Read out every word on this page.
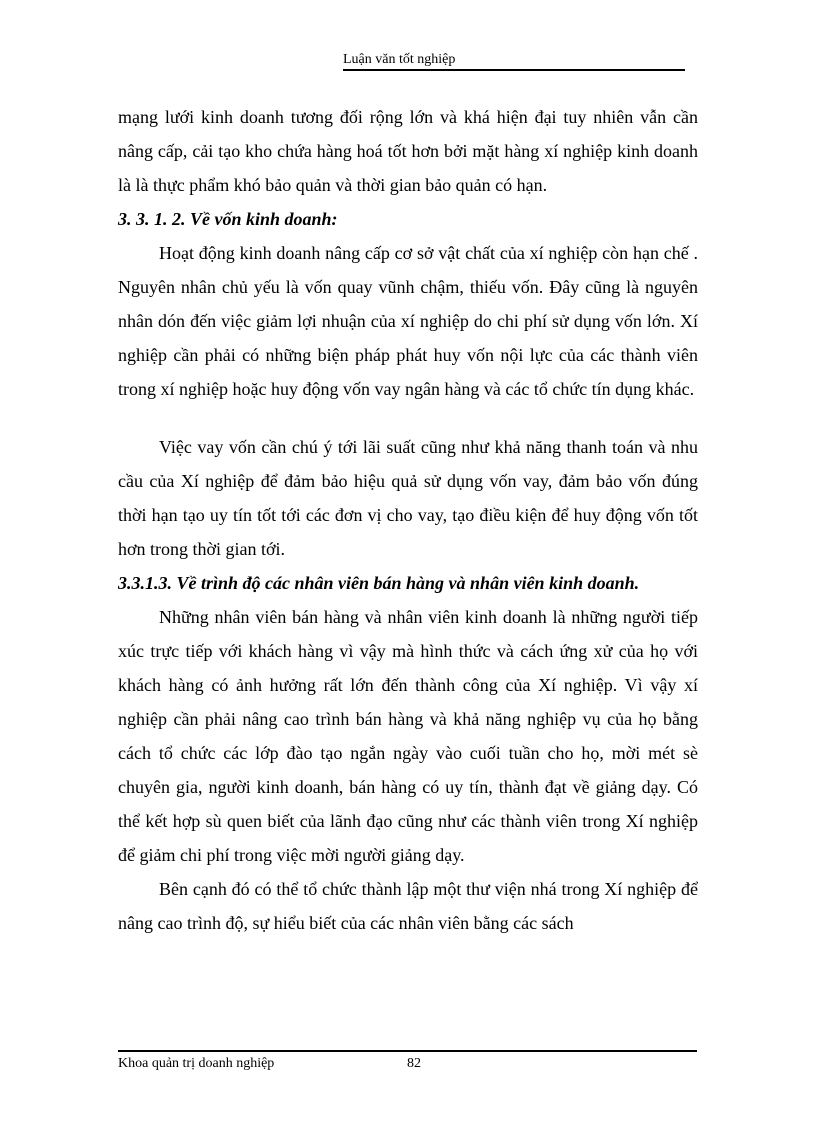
Luận văn tốt nghiệp

mạng lưới kinh doanh tương đối rộng lớn và khá hiện đại tuy nhiên vẫn cần nâng cấp, cải tạo kho chứa hàng hoá tốt hơn bởi mặt hàng xí nghiệp kinh doanh là là thực phẩm khó bảo quản và thời gian bảo quản có hạn.

3. 3. 1. 2. Về vốn kinh doanh:

Hoạt động kinh doanh nâng cấp cơ sở vật chất của xí nghiệp còn hạn chế . Nguyên nhân chủ yếu là vốn quay vũnh chậm, thiếu vốn. Đây cũng là nguyên nhân dón đến việc giảm lợi nhuận của xí nghiệp do chi phí sử dụng vốn lớn. Xí nghiệp cần phải có những biện pháp phát huy vốn nội lực của các thành viên trong xí nghiệp hoặc huy động vốn vay ngân hàng và các tổ chức tín dụng khác.

Việc vay vốn cần chú ý tới lãi suất cũng như khả năng thanh toán và nhu cầu của Xí nghiệp để đảm bảo hiệu quả sử dụng vốn vay, đảm bảo vốn đúng thời hạn tạo uy tín tốt tới các đơn vị cho vay, tạo điều kiện để huy động vốn tốt hơn trong thời gian tới.

3.3.1.3. Về trình độ các nhân viên bán hàng và nhân viên kinh doanh.

Những nhân viên bán hàng và nhân viên kinh doanh là những người tiếp xúc trực tiếp với khách hàng vì vậy mà hình thức và cách ứng xử của họ với khách hàng có ảnh hưởng rất lớn đến thành công của Xí nghiệp. Vì vậy xí nghiệp cần phải nâng cao trình bán hàng và khả năng nghiệp vụ của họ bằng cách tổ chức các lớp đào tạo ngắn ngày vào cuối tuần cho họ, mời mét sè chuyên gia, người kinh doanh, bán hàng có uy tín, thành đạt về giảng dạy. Có thể kết hợp sù quen biết của lãnh đạo cũng như các thành viên trong Xí nghiệp để giảm chi phí trong việc mời người giảng dạy.

Bên cạnh đó có thể tổ chức thành lập một thư viện nhá trong Xí nghiệp để nâng cao trình độ, sự hiểu biết của các nhân viên bằng các sách

Khoa quản trị doanh nghiệp	82
